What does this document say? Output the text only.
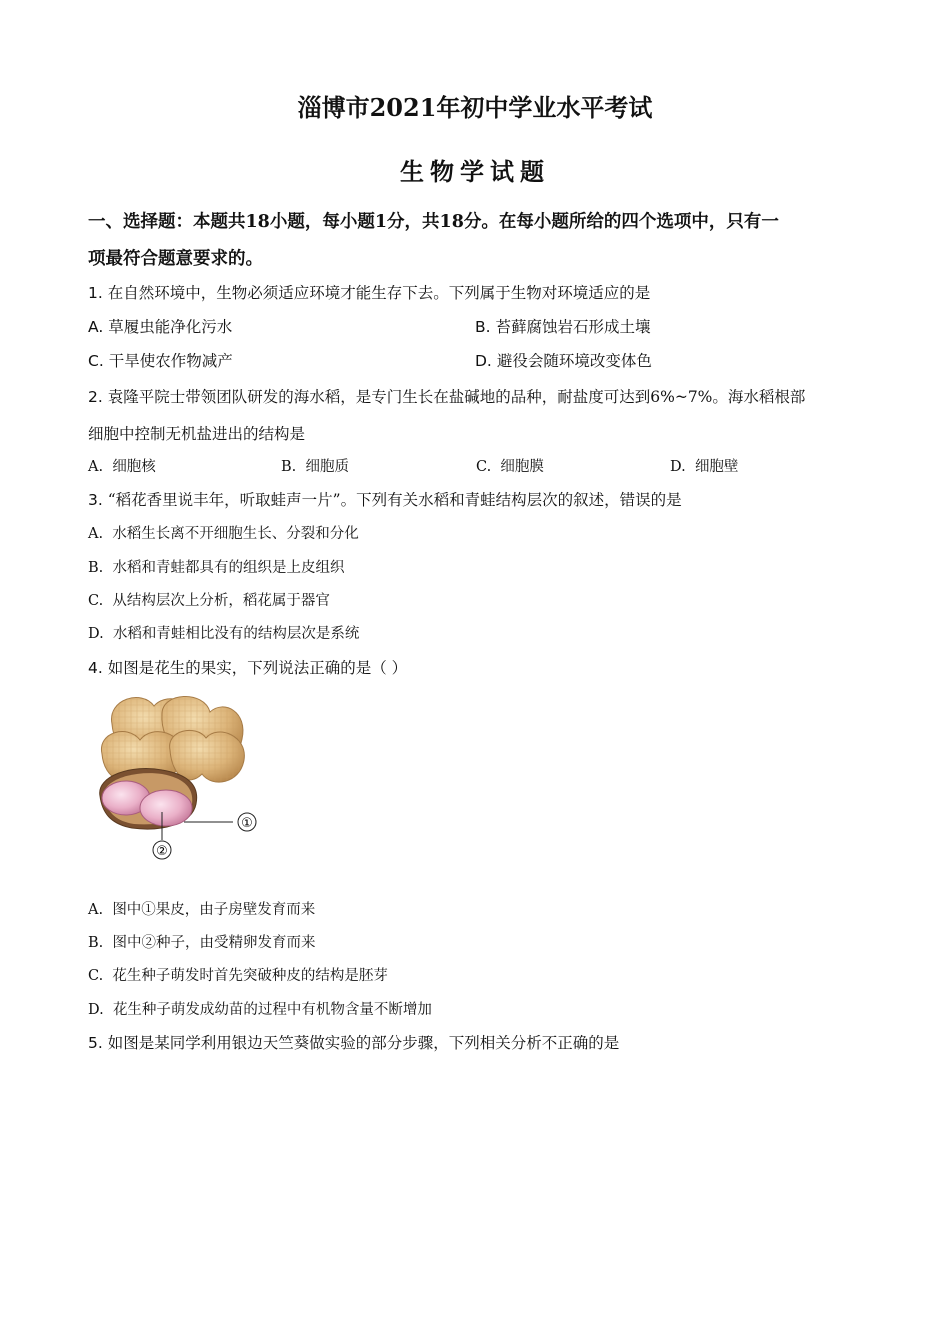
淄博市2021年初中学业水平考试
生物学试题
一、选择题：本题共18小题，每小题1分，共18分。在每小题所给的四个选项中，只有一
项最符合题意要求的。
1. 在自然环境中，生物必须适应环境才能生存下去。下列属于生物对环境适应的是
A. 草履虫能净化污水	B. 苔藓腐蚀岩石形成土壤
C. 干旱使农作物减产	D. 避役会随环境改变体色
2. 袁隆平院士带领团队研发的海水稻，是专门生长在盐碱地的品种，耐盐度可达到6%~7%。海水稻根部
细胞中控制无机盐进出的结构是
A. 细胞核	B. 细胞质	C. 细胞膜	D. 细胞壁
3. “稻花香里说丰年，听取蛙声一片”。下列有关水稻和青蛙结构层次的叙述，错误的是
A. 水稻生长离不开细胞生长、分裂和分化
B. 水稻和青蛙都具有的组织是上皮组织
C. 从结构层次上分析，稻花属于器官
D. 水稻和青蛙相比没有的结构层次是系统
4. 如图是花生的果实，下列说法正确的是（ ）
①
②
A. 图中①果皮，由子房壁发育而来
B. 图中②种子，由受精卵发育而来
C. 花生种子萌发时首先突破种皮的结构是胚芽
D. 花生种子萌发成幼苗的过程中有机物含量不断增加
5. 如图是某同学利用银边天竺葵做实验的部分步骤，下列相关分析不正确的是
